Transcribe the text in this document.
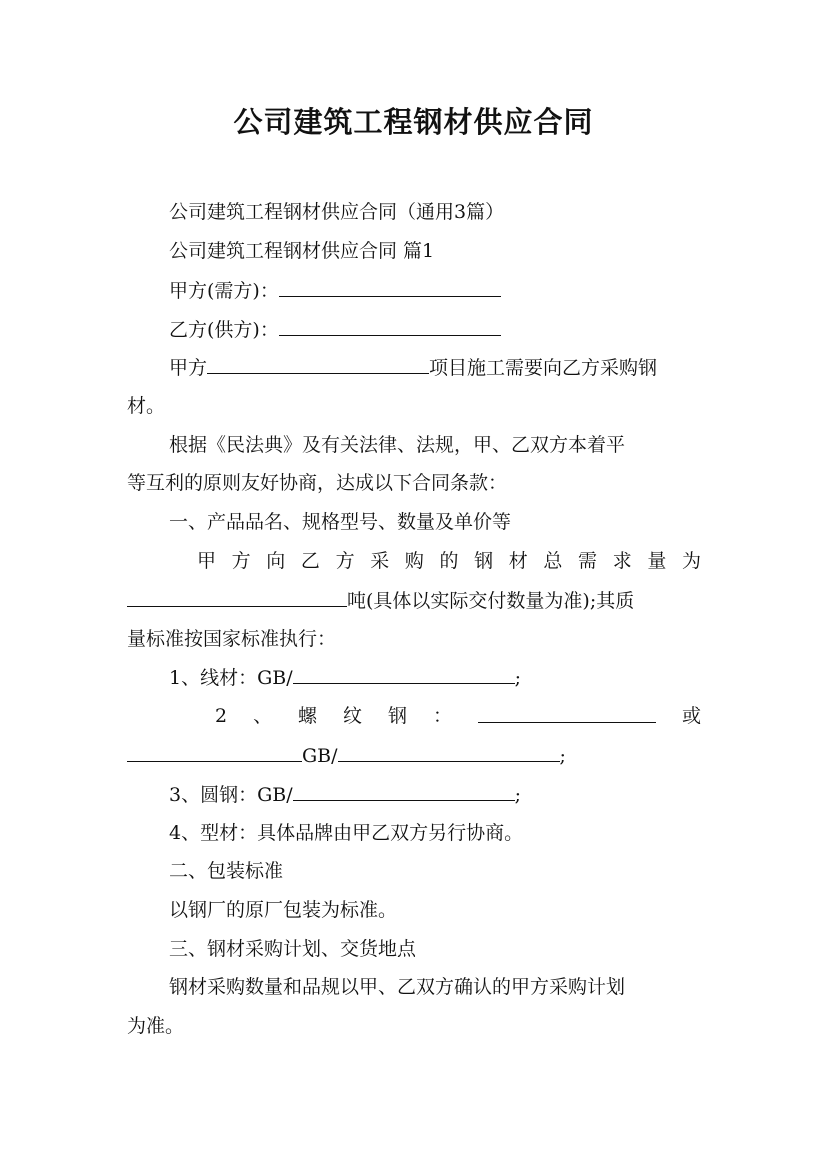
公司建筑工程钢材供应合同
公司建筑工程钢材供应合同（通用3篇）
公司建筑工程钢材供应合同 篇1
甲方(需方)：
乙方(供方)：
甲方	项目施工需要向乙方采购钢
材。
根据《民法典》及有关法律、法规，甲、乙双方本着平
等互利的原则友好协商，达成以下合同条款：
一、产品品名、规格型号、数量及单价等
甲 方 向 乙 方 采 购 的 钢 材 总 需 求 量 为
吨(具体以实际交付数量为准);其质
量标准按国家标准执行：
1、线材：GB/	;
2 、 螺 纹 钢 ：	或
GB/	;
3、圆钢：GB/	;
4、型材：具体品牌由甲乙双方另行协商。
二、包装标准
以钢厂的原厂包装为标准。
三、钢材采购计划、交货地点
钢材采购数量和品规以甲、乙双方确认的甲方采购计划
为准。
